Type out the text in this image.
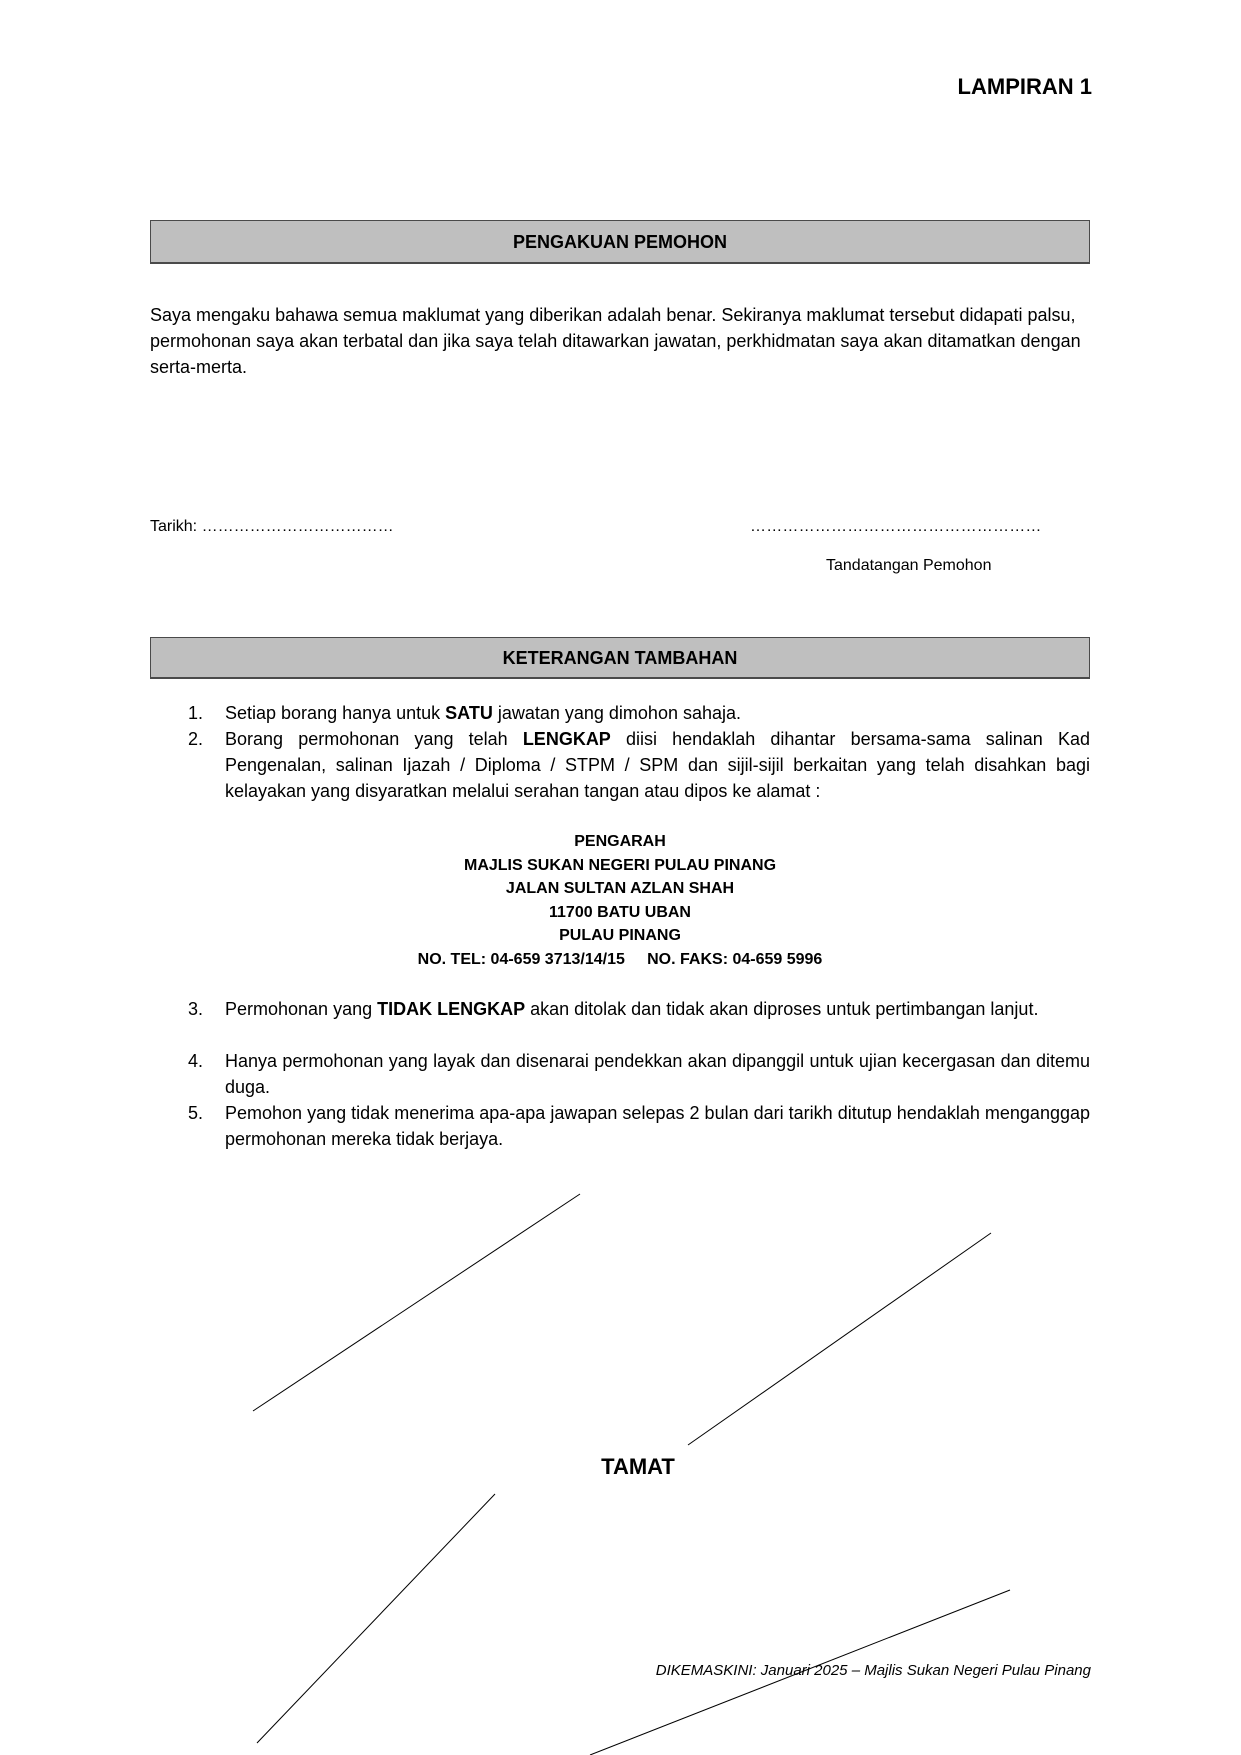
LAMPIRAN 1
PENGAKUAN PEMOHON
Saya mengaku bahawa semua maklumat yang diberikan adalah benar. Sekiranya maklumat tersebut didapati palsu, permohonan saya akan terbatal dan jika saya telah ditawarkan jawatan, perkhidmatan saya akan ditamatkan dengan serta-merta.
Tarikh: ………………………………	………………………………………………
Tandatangan Pemohon
KETERANGAN TAMBAHAN
1. Setiap borang hanya untuk SATU jawatan yang dimohon sahaja.
2. Borang permohonan yang telah LENGKAP diisi hendaklah dihantar bersama-sama salinan Kad Pengenalan, salinan Ijazah / Diploma / STPM / SPM dan sijil-sijil berkaitan yang telah disahkan bagi kelayakan yang disyaratkan melalui serahan tangan atau dipos ke alamat :
PENGARAH
MAJLIS SUKAN NEGERI PULAU PINANG
JALAN SULTAN AZLAN SHAH
11700 BATU UBAN
PULAU PINANG
NO. TEL: 04-659 3713/14/15 NO. FAKS: 04-659 5996
3. Permohonan yang TIDAK LENGKAP akan ditolak dan tidak akan diproses untuk pertimbangan lanjut.
4. Hanya permohonan yang layak dan disenarai pendekkan akan dipanggil untuk ujian kecergasan dan ditemu duga.
5. Pemohon yang tidak menerima apa-apa jawapan selepas 2 bulan dari tarikh ditutup hendaklah menganggap permohonan mereka tidak berjaya.
TAMAT
DIKEMASKINI: Januari 2025 – Majlis Sukan Negeri Pulau Pinang
